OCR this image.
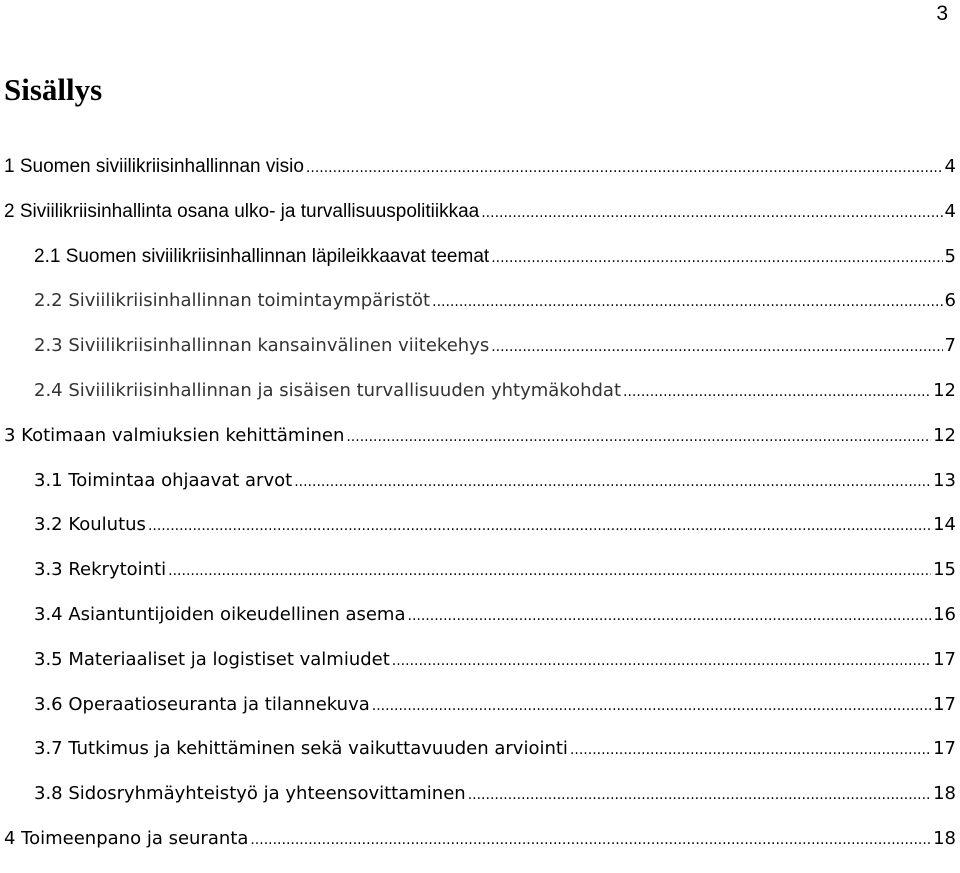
3
Sisällys
1 Suomen siviilikriisinhallinnan visio .....	4
2 Siviilikriisinhallinta osana ulko- ja turvallisuuspolitiikkaa .....	4
2.1 Suomen siviilikriisinhallinnan läpileikkaavat teemat .....	5
2.2 Siviilikriisinhallinnan toimintaympäristöt .....	6
2.3 Siviilikriisinhallinnan kansainvälinen viitekehys .....	7
2.4 Siviilikriisinhallinnan ja sisäisen turvallisuuden yhtymäkohdat .....	12
3 Kotimaan valmiuksien kehittäminen .....	12
3.1 Toimintaa ohjaavat arvot .....	13
3.2 Koulutus .....	14
3.3 Rekrytointi .....	15
3.4 Asiantuntijoiden oikeudellinen asema .....	16
3.5 Materiaaliset ja logistiset valmiudet .....	17
3.6 Operaatioseuranta ja tilannekuva .....	17
3.7 Tutkimus ja kehittäminen sekä vaikuttavuuden arviointi .....	17
3.8 Sidosryhmäyhteistyö ja yhteensovittaminen .....	18
4 Toimeenpano ja seuranta .....	18
